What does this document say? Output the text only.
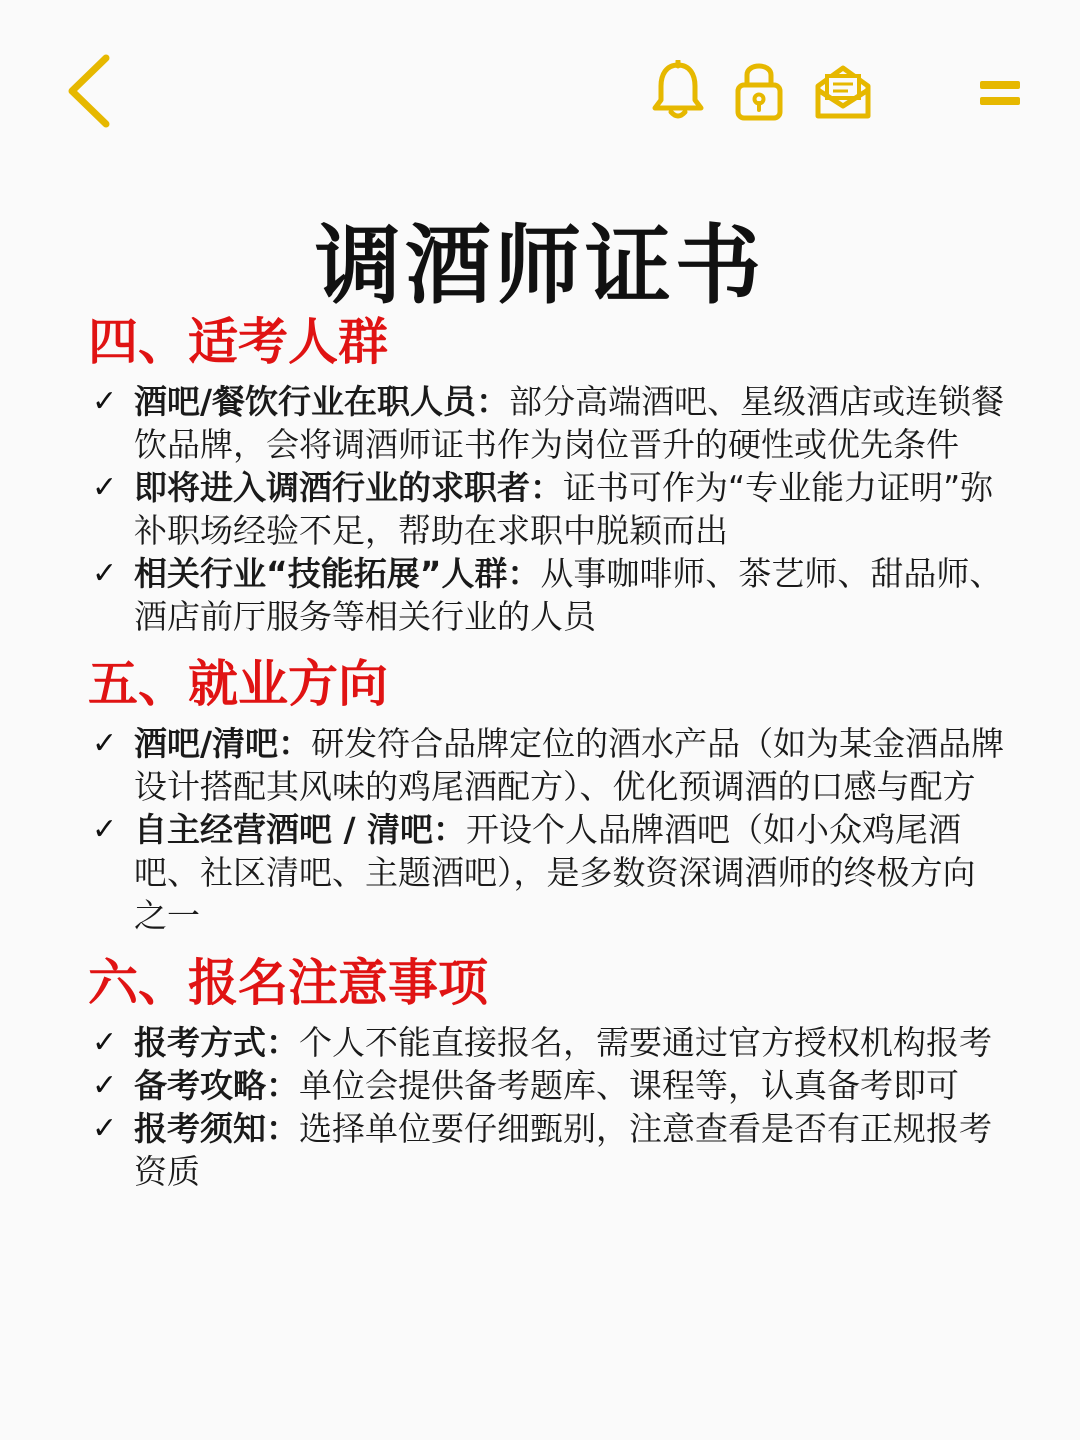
调酒师证书
四、适考人群
✓ 酒吧/餐饮行业在职人员：部分高端酒吧、星级酒店或连锁餐饮品牌，会将调酒师证书作为岗位晋升的硬性或优先条件
✓ 即将进入调酒行业的求职者：证书可作为“专业能力证明”弥补职场经验不足，帮助在求职中脱颖而出
✓ 相关行业“技能拓展”人群：从事咖啡师、茶艺师、甜品师、酒店前厅服务等相关行业的人员
五、就业方向
✓ 酒吧/清吧：研发符合品牌定位的酒水产品（如为某金酒品牌设计搭配其风味的鸡尾酒配方）、优化预调酒的口感与配方
✓ 自主经营酒吧 / 清吧：开设个人品牌酒吧（如小众鸡尾酒吧、社区清吧、主题酒吧），是多数资深调酒师的终极方向之一
六、报名注意事项
✓ 报考方式：个人不能直接报名，需要通过官方授权机构报考
✓ 备考攻略：单位会提供备考题库、课程等，认真备考即可
✓ 报考须知：选择单位要仔细甄别，注意查看是否有正规报考资质
